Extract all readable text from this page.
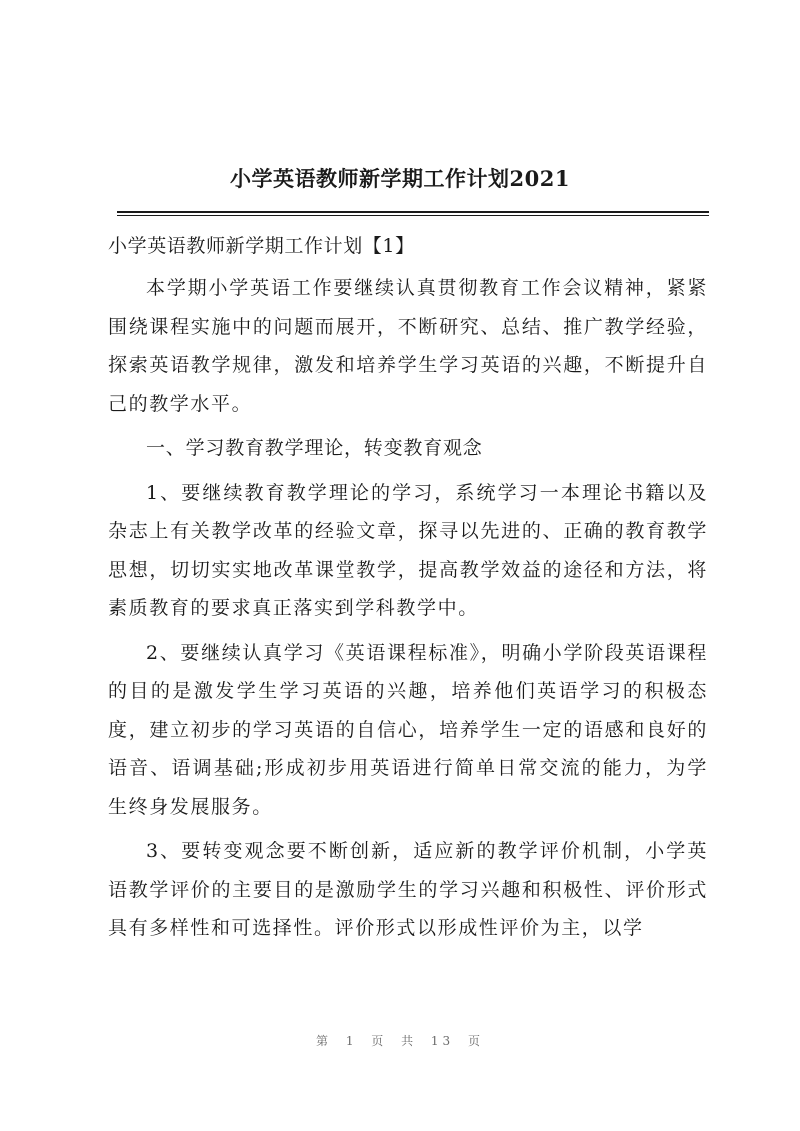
小学英语教师新学期工作计划2021

小学英语教师新学期工作计划【1】

本学期小学英语工作要继续认真贯彻教育工作会议精神，紧紧围绕课程实施中的问题而展开，不断研究、总结、推广教学经验，探索英语教学规律，激发和培养学生学习英语的兴趣，不断提升自己的教学水平。

一、学习教育教学理论，转变教育观念

1、要继续教育教学理论的学习，系统学习一本理论书籍以及杂志上有关教学改革的经验文章，探寻以先进的、正确的教育教学思想，切切实实地改革课堂教学，提高教学效益的途径和方法，将素质教育的要求真正落实到学科教学中。

2、要继续认真学习《英语课程标准》，明确小学阶段英语课程的目的是激发学生学习英语的兴趣，培养他们英语学习的积极态度，建立初步的学习英语的自信心，培养学生一定的语感和良好的语音、语调基础;形成初步用英语进行简单日常交流的能力，为学生终身发展服务。

3、要转变观念要不断创新，适应新的教学评价机制，小学英语教学评价的主要目的是激励学生的学习兴趣和积极性、评价形式具有多样性和可选择性。评价形式以形成性评价为主，以学

第 1 页 共 13 页
